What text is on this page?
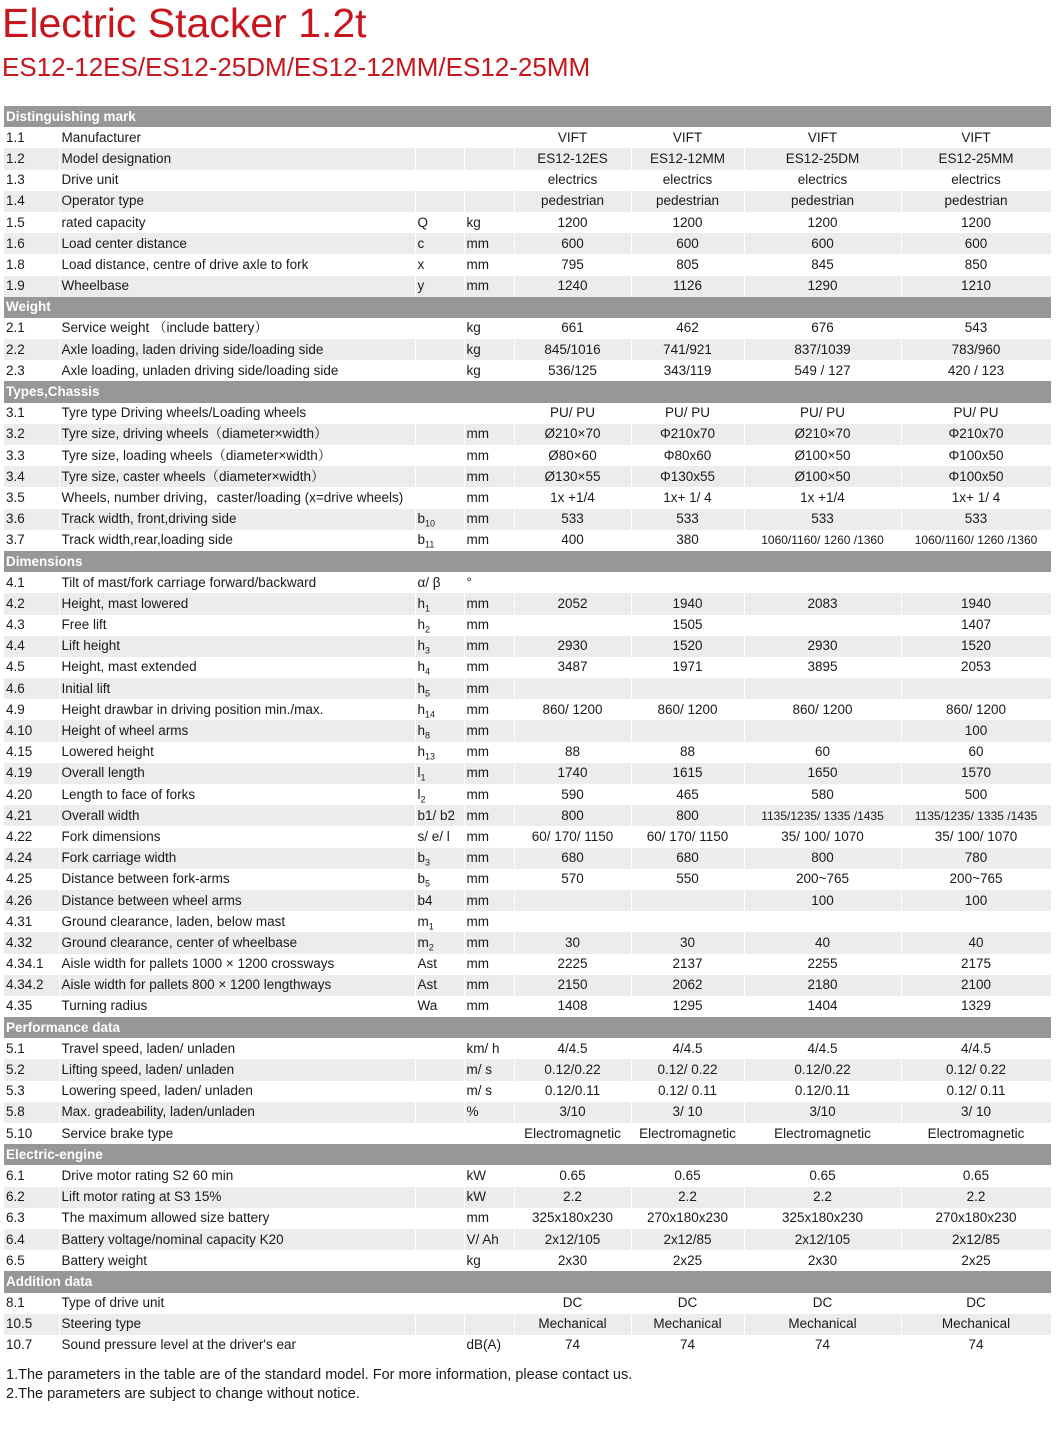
Electric Stacker 1.2t
ES12-12ES/ES12-25DM/ES12-12MM/ES12-25MM
Distinguishing mark							
1.1	Manufacturer			VIFT	VIFT	VIFT	VIFT
1.2	Model designation			ES12-12ES	ES12-12MM	ES12-25DM	ES12-25MM
1.3	Drive unit			electrics	electrics	electrics	electrics
1.4	Operator type			pedestrian	pedestrian	pedestrian	pedestrian
1.5	rated capacity	Q	kg	1200	1200	1200	1200
1.6	Load center distance	c	mm	600	600	600	600
1.8	Load distance, centre of drive axle to fork	x	mm	795	805	845	850
1.9	Wheelbase	y	mm	1240	1126	1290	1210
Weight							
2.1	Service weight （include battery）		kg	661	462	676	543
2.2	Axle loading, laden driving side/loading side		kg	845/1016	741/921	837/1039	783/960
2.3	Axle loading, unladen driving side/loading side		kg	536/125	343/119	549 / 127	420 / 123
Types,Chassis							
3.1	Tyre type Driving wheels/Loading wheels			PU/ PU	PU/ PU	PU/ PU	PU/ PU
3.2	Tyre size, driving wheels（diameter×width）		mm	Ø210×70	Φ210x70	Ø210×70	Φ210x70
3.3	Tyre size, loading wheels（diameter×width）		mm	Ø80×60	Φ80x60	Ø100×50	Φ100x50
3.4	Tyre size, caster wheels（diameter×width）		mm	Ø130×55	Φ130x55	Ø100×50	Φ100x50
3.5	Wheels, number driving，caster/loading (x=drive wheels)		mm	1x +1/4	1x+ 1/ 4	1x +1/4	1x+ 1/ 4
3.6	Track width, front,driving side	$b_{10}$	mm	533	533	533	533
3.7	Track width,rear,loading side	$b_{11}$	mm	400	380	1060/1160/ 1260 /1360	1060/1160/ 1260 /1360
Dimensions							
4.1	Tilt of mast/fork carriage forward/backward	α/ β	°				
4.2	Height, mast lowered	$h_1$	mm	2052	1940	2083	1940
4.3	Free lift	$h_2$	mm		1505		1407
4.4	Lift height	$h_3$	mm	2930	1520	2930	1520
4.5	Height, mast extended	$h_4$	mm	3487	1971	3895	2053
4.6	Initial lift	$h_5$	mm				
4.9	Height drawbar in driving position min./max.	$h_{14}$	mm	860/ 1200	860/ 1200	860/ 1200	860/ 1200
4.10	Height of wheel arms	$h_8$	mm				100
4.15	Lowered height	$h_{13}$	mm	88	88	60	60
4.19	Overall length	$l_1$	mm	1740	1615	1650	1570
4.20	Length to face of forks	$l_2$	mm	590	465	580	500
4.21	Overall width	b1/ b2	mm	800	800	1135/1235/ 1335 /1435	1135/1235/ 1335 /1435
4.22	Fork dimensions	s/ e/ l	mm	60/ 170/ 1150	60/ 170/ 1150	35/ 100/ 1070	35/ 100/ 1070
4.24	Fork carriage width	$b_3$	mm	680	680	800	780
4.25	Distance between fork-arms	$b_5$	mm	570	550	200~765	200~765
4.26	Distance between wheel arms	b4	mm			100	100
4.31	Ground clearance, laden, below mast	$m_1$	mm				
4.32	Ground clearance, center of wheelbase	$m_2$	mm	30	30	40	40
4.34.1	Aisle width for pallets 1000 × 1200 crossways	Ast	mm	2225	2137	2255	2175
4.34.2	Aisle width for pallets 800 × 1200 lengthways	Ast	mm	2150	2062	2180	2100
4.35	Turning radius	Wa	mm	1408	1295	1404	1329
Performance data							
5.1	Travel speed, laden/ unladen		km/ h	4/4.5	4/4.5	4/4.5	4/4.5
5.2	Lifting speed, laden/ unladen		m/ s	0.12/0.22	0.12/ 0.22	0.12/0.22	0.12/ 0.22
5.3	Lowering speed, laden/ unladen		m/ s	0.12/0.11	0.12/ 0.11	0.12/0.11	0.12/ 0.11
5.8	Max. gradeability, laden/unladen		%	3/10	3/ 10	3/10	3/ 10
5.10	Service brake type			Electromagnetic	Electromagnetic	Electromagnetic	Electromagnetic
Electric-engine							
6.1	Drive motor rating S2 60 min		kW	0.65	0.65	0.65	0.65
6.2	Lift motor rating at S3 15%		kW	2.2	2.2	2.2	2.2
6.3	The maximum allowed size battery		mm	325x180x230	270x180x230	325x180x230	270x180x230
6.4	Battery voltage/nominal capacity K20		V/ Ah	2x12/105	2x12/85	2x12/105	2x12/85
6.5	Battery weight		kg	2x30	2x25	2x30	2x25
Addition data							
8.1	Type of drive unit			DC	DC	DC	DC
10.5	Steering type			Mechanical	Mechanical	Mechanical	Mechanical
10.7	Sound pressure level at the driver's ear		dB(A)	74	74	74	74

1.The parameters in the table are of the standard model. For more information, please contact us.

2.The parameters are subject to change without notice.
